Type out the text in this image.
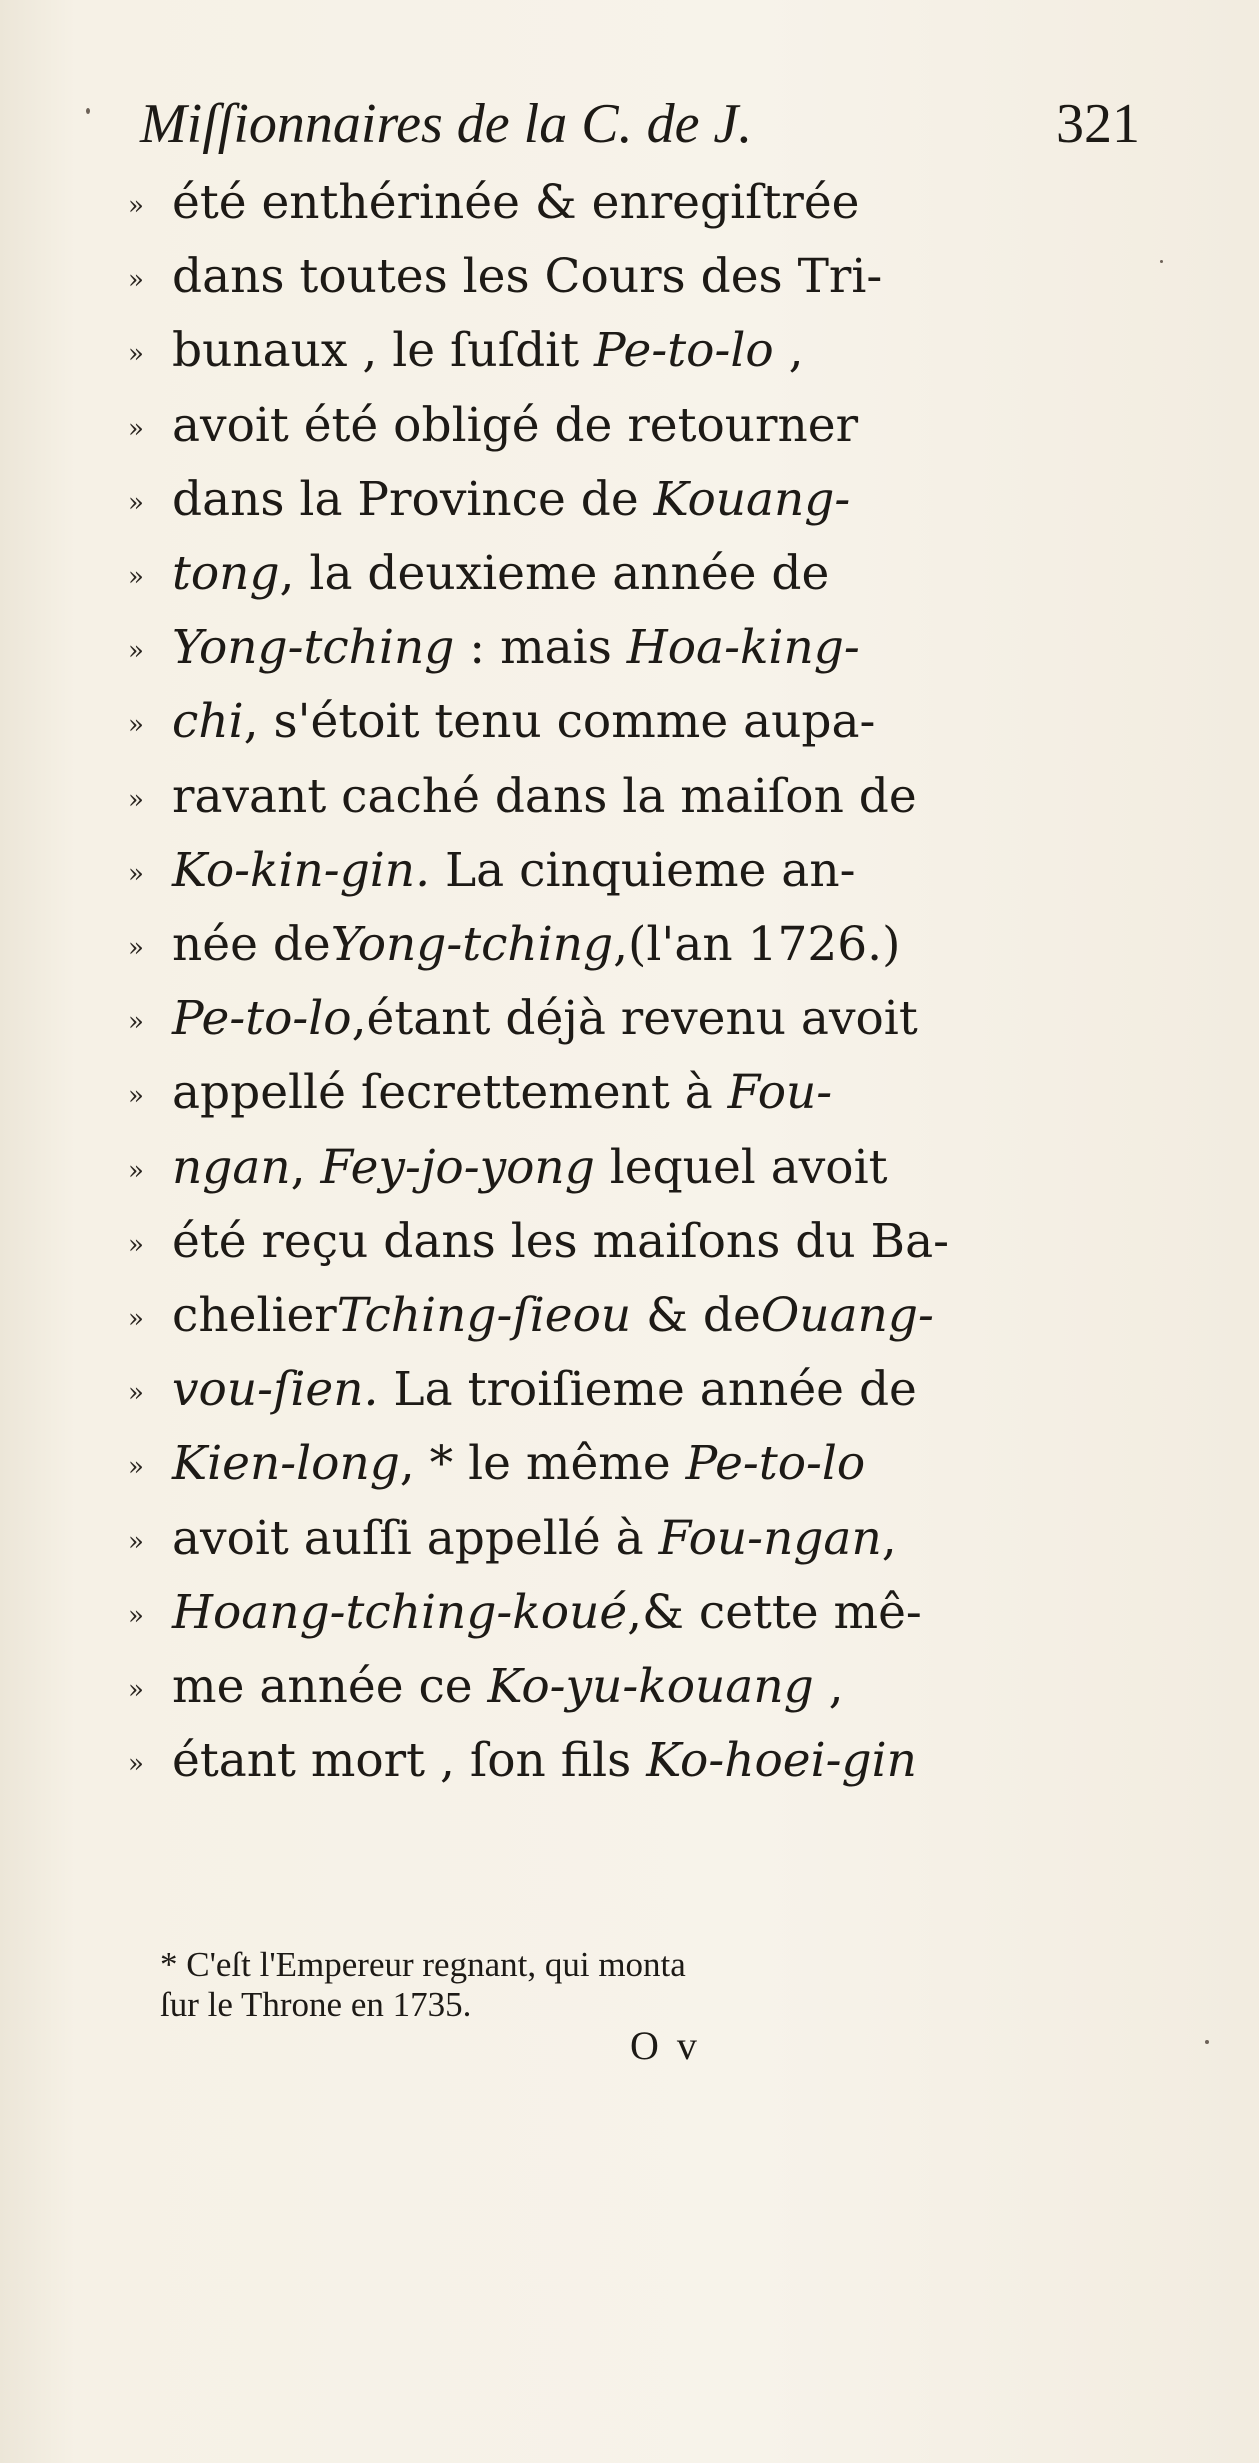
Miſſionnaires de la C. de J.	321
» été enthérinée & enregiſtrée
» dans toutes les Cours des Tri-
» bunaux , le ſuſdit Pe-to-lo ,
» avoit été obligé de retourner
» dans la Province de Kouang-
» tong, la deuxieme année de
» Yong-tching : mais Hoa-king-
» chi, s'étoit tenu comme aupa-
» ravant caché dans la maiſon de
» Ko-kin-gin. La cinquieme an-
» née deYong-tching,(l'an 1726.)
» Pe-to-lo,étant déjà revenu avoit
» appellé ſecrettement à Fou-
» ngan, Fey-jo-yong lequel avoit
» été reçu dans les maiſons du Ba-
» chelierTching-ſieou & deOuang-
» vou-ſien. La troiſieme année de
» Kien-long, * le même Pe-to-lo
» avoit auſſi appellé à Fou-ngan,
» Hoang-tching-koué,& cette mê-
» me année ce Ko-yu-kouang ,
» étant mort , ſon fils Ko-hoei-gin
* C'eſt l'Empereur regnant, qui monta
ſur le Throne en 1735.
O v
